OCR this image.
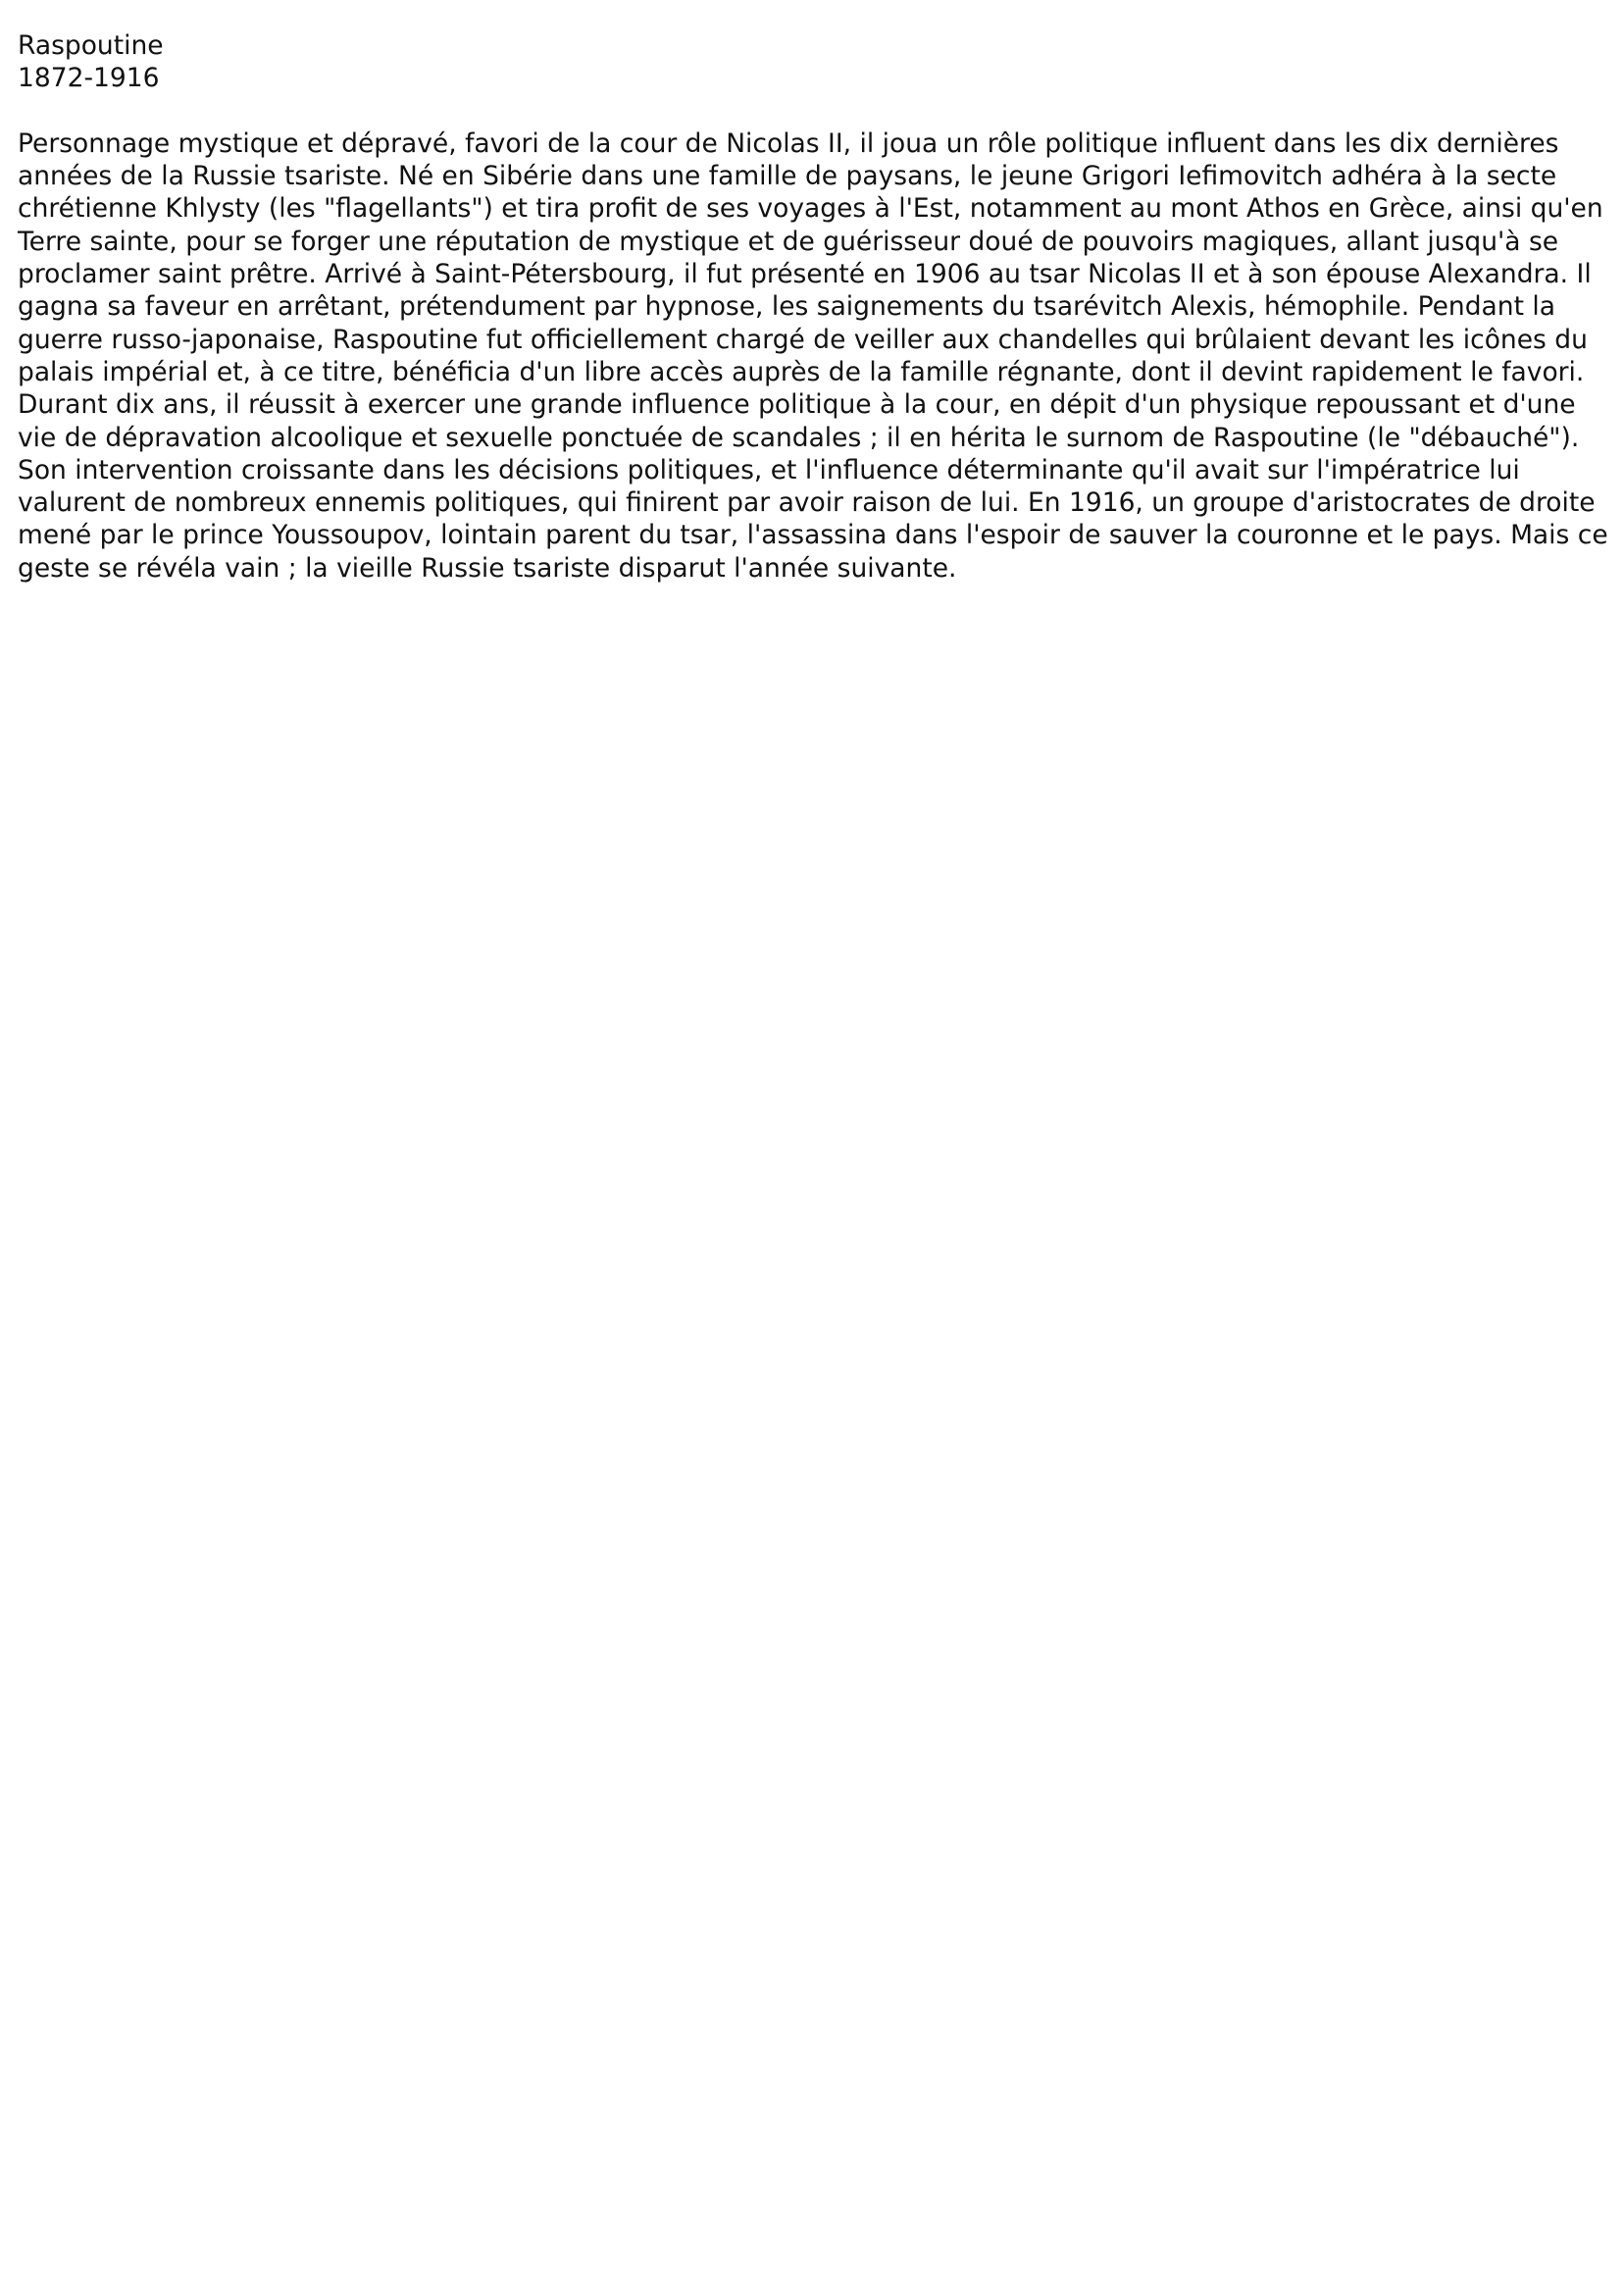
Raspoutine

1872-1916

Personnage mystique et dépravé, favori de la cour de Nicolas II, il joua un rôle politique influent dans les dix dernières années de la Russie tsariste. Né en Sibérie dans une famille de paysans, le jeune Grigori Iefimovitch adhéra à la secte chrétienne Khlysty (les "flagellants") et tira profit de ses voyages à l'Est, notamment au mont Athos en Grèce, ainsi qu'en Terre sainte, pour se forger une réputation de mystique et de guérisseur doué de pouvoirs magiques, allant jusqu'à se proclamer saint prêtre. Arrivé à Saint-Pétersbourg, il fut présenté en 1906 au tsar Nicolas II et à son épouse Alexandra. Il gagna sa faveur en arrêtant, prétendument par hypnose, les saignements du tsarévitch Alexis, hémophile. Pendant la guerre russo-japonaise, Raspoutine fut officiellement chargé de veiller aux chandelles qui brûlaient devant les icônes du palais impérial et, à ce titre, bénéficia d'un libre accès auprès de la famille régnante, dont il devint rapidement le favori. Durant dix ans, il réussit à exercer une grande influence politique à la cour, en dépit d'un physique repoussant et d'une vie de dépravation alcoolique et sexuelle ponctuée de scandales ; il en hérita le surnom de Raspoutine (le "débauché"). Son intervention croissante dans les décisions politiques, et l'influence déterminante qu'il avait sur l'impératrice lui valurent de nombreux ennemis politiques, qui finirent par avoir raison de lui. En 1916, un groupe d'aristocrates de droite mené par le prince Youssoupov, lointain parent du tsar, l'assassina dans l'espoir de sauver la couronne et le pays. Mais ce geste se révéla vain ; la vieille Russie tsariste disparut l'année suivante.
